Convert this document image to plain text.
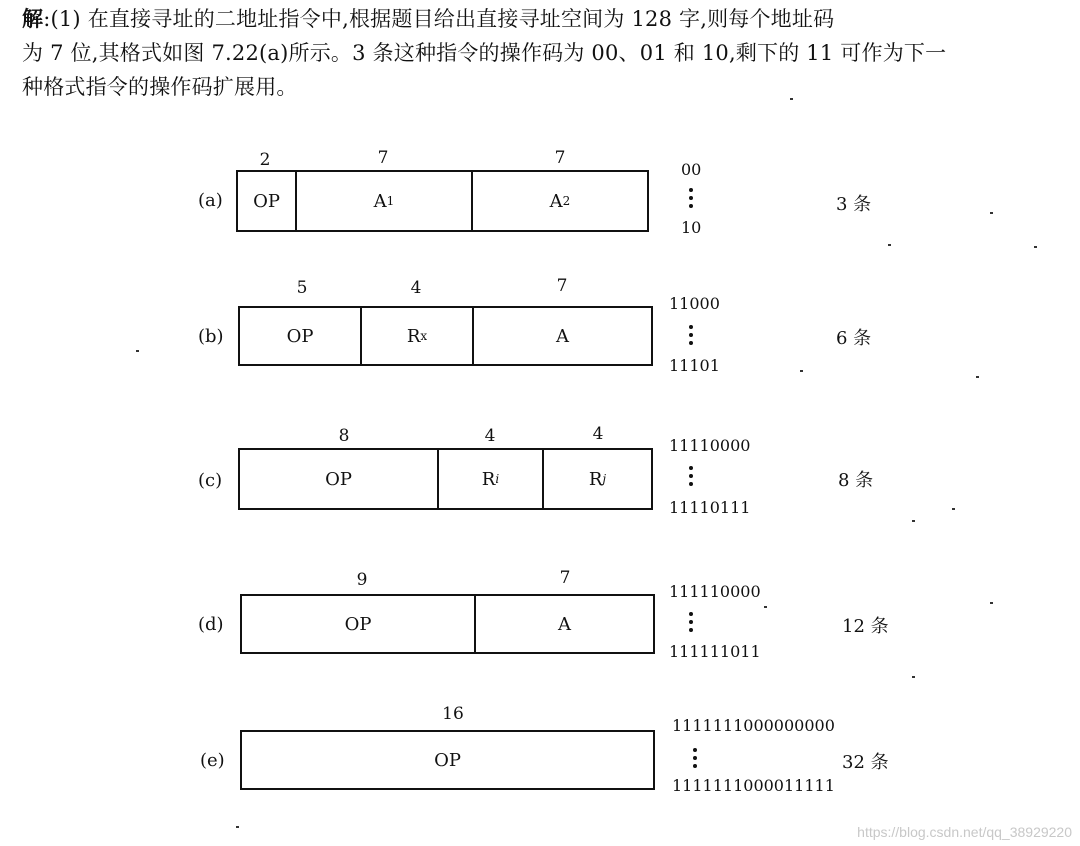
解:(1) 在直接寻址的二地址指令中,根据题目给出直接寻址空间为 128 字,则每个地址码
为 7 位,其格式如图 7.22(a)所示。3 条这种指令的操作码为 00、01 和 10,剩下的 11 可作为下一
种格式指令的操作码扩展用。
(a)
2	7	7
OP	A 1	A 2
00
10
3 条
(b)
5	4	7
OP	R x	A
11000
11101
6 条
(c)
8	4	4
OP	R i	R j
11110000
11110111
8 条
(d)
9	7
OP	A
111110000
111111011
12 条
(e)
16
OP
1111111000000000
1111111000011111
32 条
https://blog.csdn.net/qq_38929220
